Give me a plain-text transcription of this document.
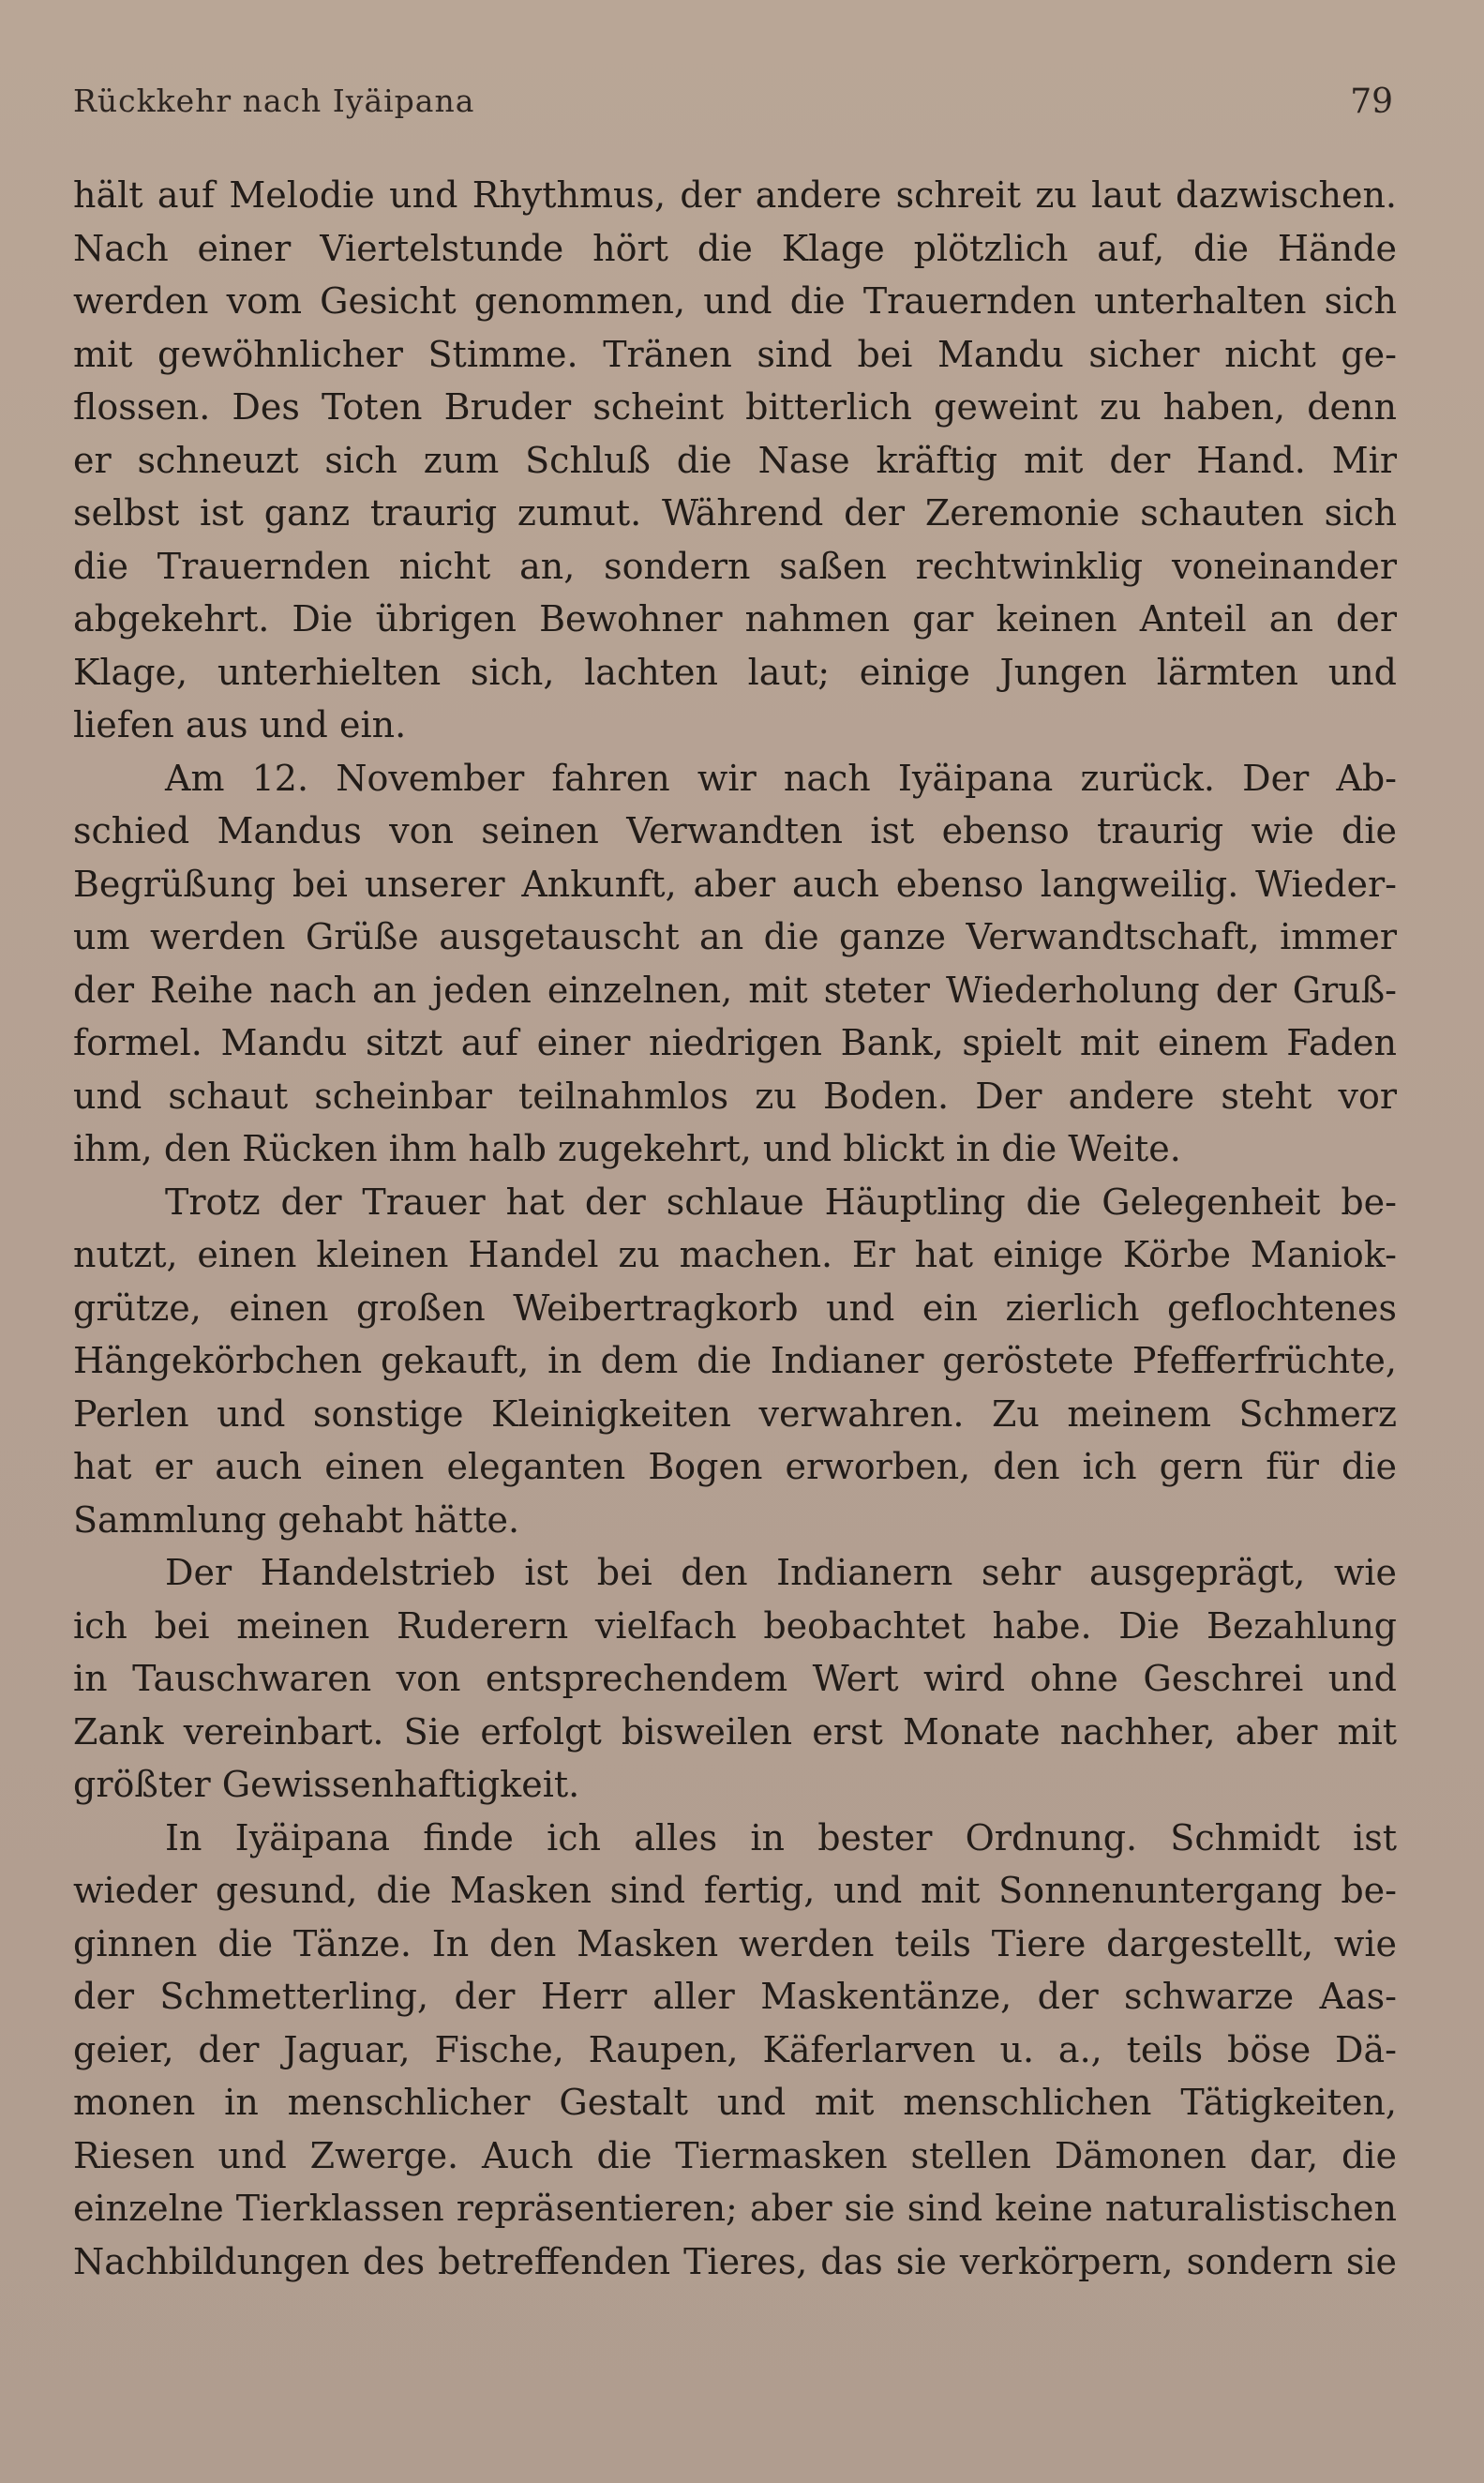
Rückkehr nach Iyäipana	79
hält auf Melodie und Rhythmus, der andere schreit zu laut dazwischen.
Nach einer Viertelstunde hört die Klage plötzlich auf, die Hände
werden vom Gesicht genommen, und die Trauernden unterhalten sich
mit gewöhnlicher Stimme. Tränen sind bei Mandu sicher nicht ge-
flossen. Des Toten Bruder scheint bitterlich geweint zu haben, denn
er schneuzt sich zum Schluß die Nase kräftig mit der Hand. Mir
selbst ist ganz traurig zumut. Während der Zeremonie schauten sich
die Trauernden nicht an, sondern saßen rechtwinklig voneinander
abgekehrt. Die übrigen Bewohner nahmen gar keinen Anteil an der
Klage, unterhielten sich, lachten laut; einige Jungen lärmten und
liefen aus und ein.
Am 12. November fahren wir nach Iyäipana zurück. Der Ab-
schied Mandus von seinen Verwandten ist ebenso traurig wie die
Begrüßung bei unserer Ankunft, aber auch ebenso langweilig. Wieder-
um werden Grüße ausgetauscht an die ganze Verwandtschaft, immer
der Reihe nach an jeden einzelnen, mit steter Wiederholung der Gruß-
formel. Mandu sitzt auf einer niedrigen Bank, spielt mit einem Faden
und schaut scheinbar teilnahmlos zu Boden. Der andere steht vor
ihm, den Rücken ihm halb zugekehrt, und blickt in die Weite.
Trotz der Trauer hat der schlaue Häuptling die Gelegenheit be-
nutzt, einen kleinen Handel zu machen. Er hat einige Körbe Maniok-
grütze, einen großen Weibertragkorb und ein zierlich geflochtenes
Hängekörbchen gekauft, in dem die Indianer geröstete Pfefferfrüchte,
Perlen und sonstige Kleinigkeiten verwahren. Zu meinem Schmerz
hat er auch einen eleganten Bogen erworben, den ich gern für die
Sammlung gehabt hätte.
Der Handelstrieb ist bei den Indianern sehr ausgeprägt, wie
ich bei meinen Ruderern vielfach beobachtet habe. Die Bezahlung
in Tauschwaren von entsprechendem Wert wird ohne Geschrei und
Zank vereinbart. Sie erfolgt bisweilen erst Monate nachher, aber mit
größter Gewissenhaftigkeit.
In Iyäipana finde ich alles in bester Ordnung. Schmidt ist
wieder gesund, die Masken sind fertig, und mit Sonnenuntergang be-
ginnen die Tänze. In den Masken werden teils Tiere dargestellt, wie
der Schmetterling, der Herr aller Maskentänze, der schwarze Aas-
geier, der Jaguar, Fische, Raupen, Käferlarven u. a., teils böse Dä-
monen in menschlicher Gestalt und mit menschlichen Tätigkeiten,
Riesen und Zwerge. Auch die Tiermasken stellen Dämonen dar, die
einzelne Tierklassen repräsentieren; aber sie sind keine naturalistischen
Nachbildungen des betreffenden Tieres, das sie verkörpern, sondern sie
